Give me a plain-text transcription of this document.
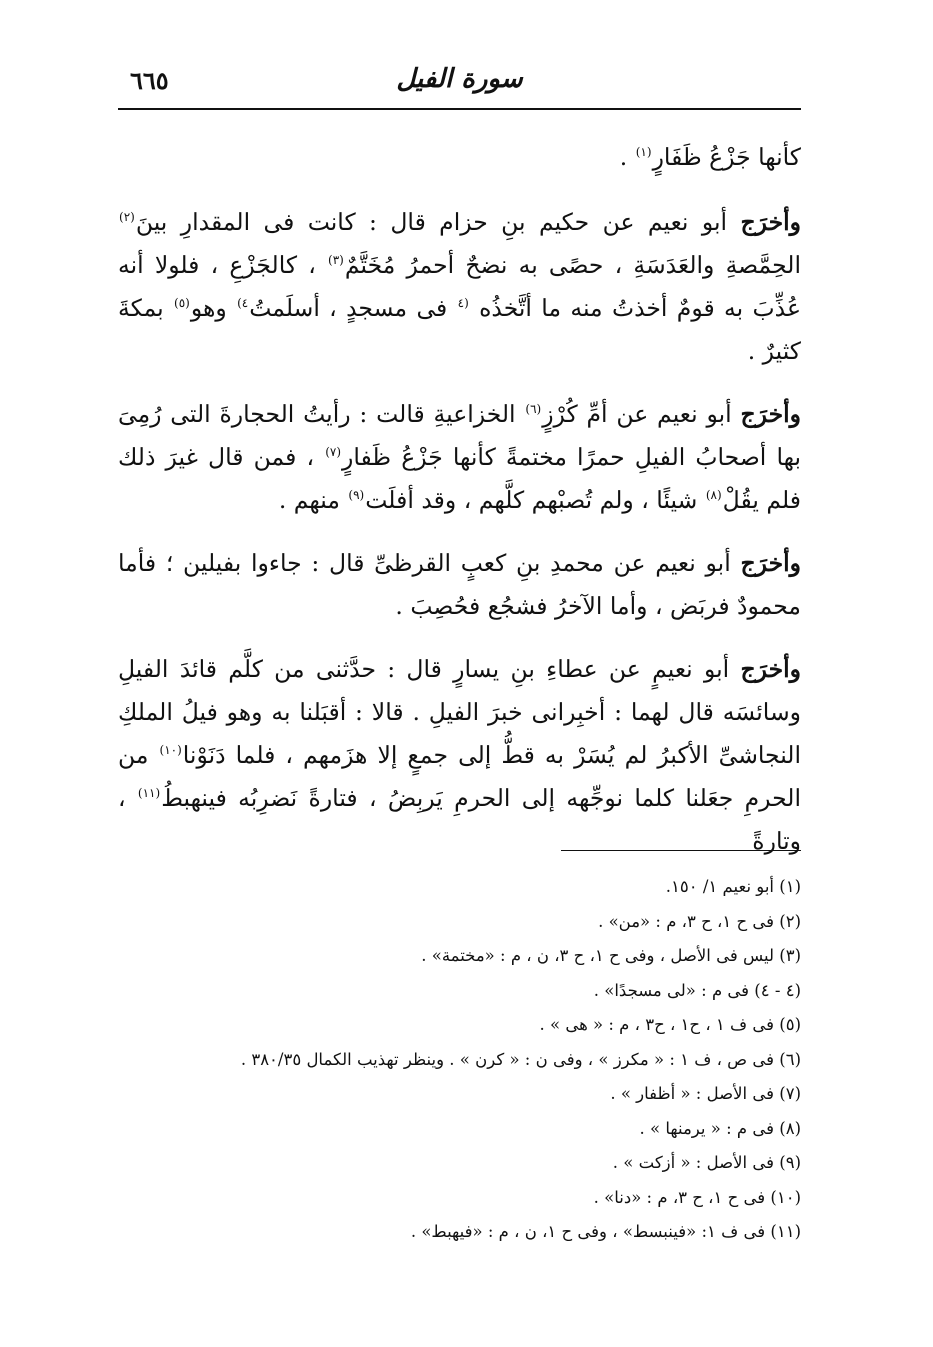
سورة الفيل
٦٦٥

كأنها جَزْعُ ظَفَارٍ$^{(١)}$ .

وأخرَج أبو نعيم عن حكيم بنِ حزام قال : كانت فى المقدارِ بينَ$^{(٢)}$ الحِمَّصةِ والعَدَسَةِ ، حصًى به نضحٌ أحمرُ مُخَتَّمٌ$^{(٣)}$ ، كالجَزْعِ ، فلولا أنه عُذِّبَ به قومٌ أخذتُ منه ما أتَّخذُه $^{(٤}$ فى مسجدٍ ، أسلَمتُ$^{٤)}$ وهو$^{(٥)}$ بمكةَ كثيرٌ .

وأخرَج أبو نعيم عن أمِّ كُرْزٍ$^{(٦)}$ الخزاعيةِ قالت : رأيتُ الحجارةَ التى رُمِىَ بها أصحابُ الفيلِ حمرًا مختمةً كأنها جَزْعُ ظَفارٍ$^{(٧)}$ ، فمن قال غيرَ ذلك فلم يقُلْ$^{(٨)}$ شيئًا ، ولم تُصبْهم كلَّهم ، وقد أفلَت$^{(٩)}$ منهم .

وأخرَج أبو نعيم عن محمدِ بنِ كعبٍ القرظىِّ قال : جاءوا بفيلين ؛ فأما محمودٌ فربَض ، وأما الآخرُ فشجُع فحُصِبَ .

وأخرَج أبو نعيمٍ عن عطاءِ بنِ يسارٍ قال : حدَّثنى من كلَّم قائدَ الفيلِ وسائسَه قال لهما : أخبِرانى خبرَ الفيلِ . قالا : أقبَلنا به وهو فيلُ الملكِ النجاشىِّ الأكبرُ لم يُسَرْ به قطُّ إلى جمعٍ إلا هزَمهم ، فلما دَنَوْنا$^{(١٠)}$ من الحرمِ جعَلنا كلما نوجِّهه إلى الحرمِ يَربِضُ ، فتارةً نَضرِبُه فينهبطُ$^{(١١)}$ ، وتارةً

(١) أبو نعيم ١/ ١٥٠.
(٢) فى ح ١، ح ٣، م : «من» .
(٣) ليس فى الأصل ، وفى ح ١، ح ٣، ن ، م : «مختمة» .
(٤ - ٤) فى م : «لى مسجدًا» .
(٥) فى ف ١ ، ح١ ، ح٣ ، م : « هى » .
(٦) فى ص ، ف ١ : « مكرز » ، وفى ن : « كرن » . وينظر تهذيب الكمال ٣٨٠/٣٥ .
(٧) فى الأصل : « أظفار » .
(٨) فى م : « يرمنها » .
(٩) فى الأصل : « أزكت » .
(١٠) فى ح ١، ح ٣، م : «دنا» .
(١١) فى ف ١: «فينبسط» ، وفى ح ١، ن ، م : «فيهبط» .
